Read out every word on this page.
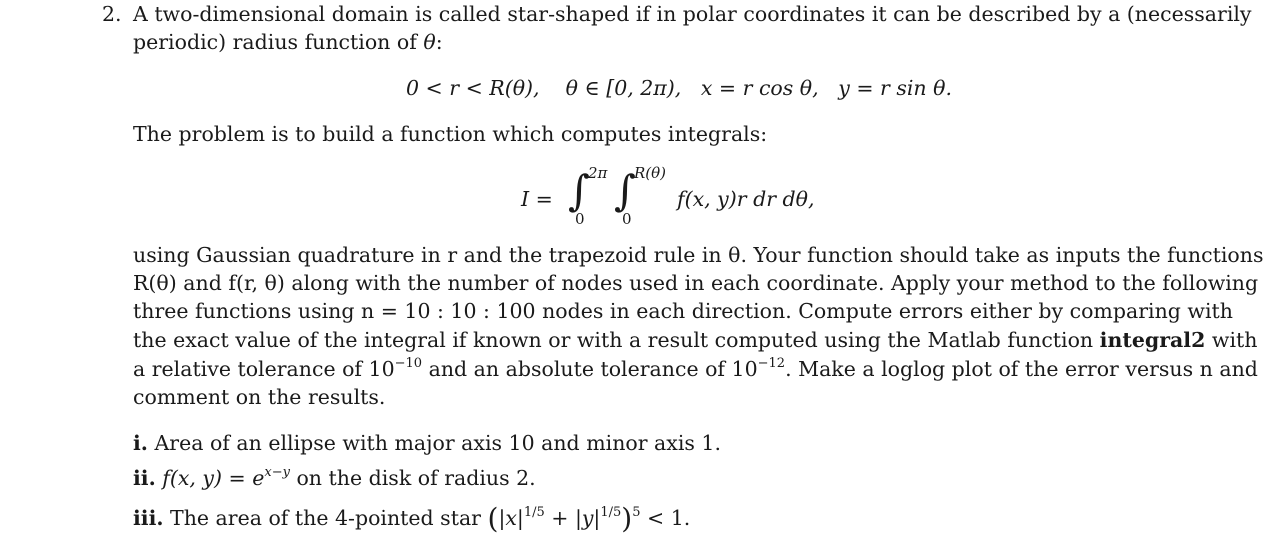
2. A two-dimensional domain is called star-shaped if in polar coordinates it can be described by a (necessarily
periodic) radius function of θ:
0 < r < R(θ), θ ∈ [0, 2π), x = r cos θ, y = r sin θ.
The problem is to build a function which computes integrals:
I = ∫
2π
0
∫
R(θ)
0
f(x, y)r dr dθ,
using Gaussian quadrature in r and the trapezoid rule in θ. Your function should take as inputs the functions
R(θ) and f(r, θ) along with the number of nodes used in each coordinate. Apply your method to the following
three functions using n = 10 : 10 : 100 nodes in each direction. Compute errors either by comparing with
the exact value of the integral if known or with a result computed using the Matlab function integral2 with
a relative tolerance of $10^{-10}$ and an absolute tolerance of $10^{-12}$. Make a loglog plot of the error versus n and
comment on the results.
i. Area of an ellipse with major axis 10 and minor axis 1.
ii. f(x, $y) = e^{x-y}$ on the disk of radius 2.
iii. The area of the 4-pointed star $(|x|^{1/5} + |y|^{1/5})^5 < 1$.
